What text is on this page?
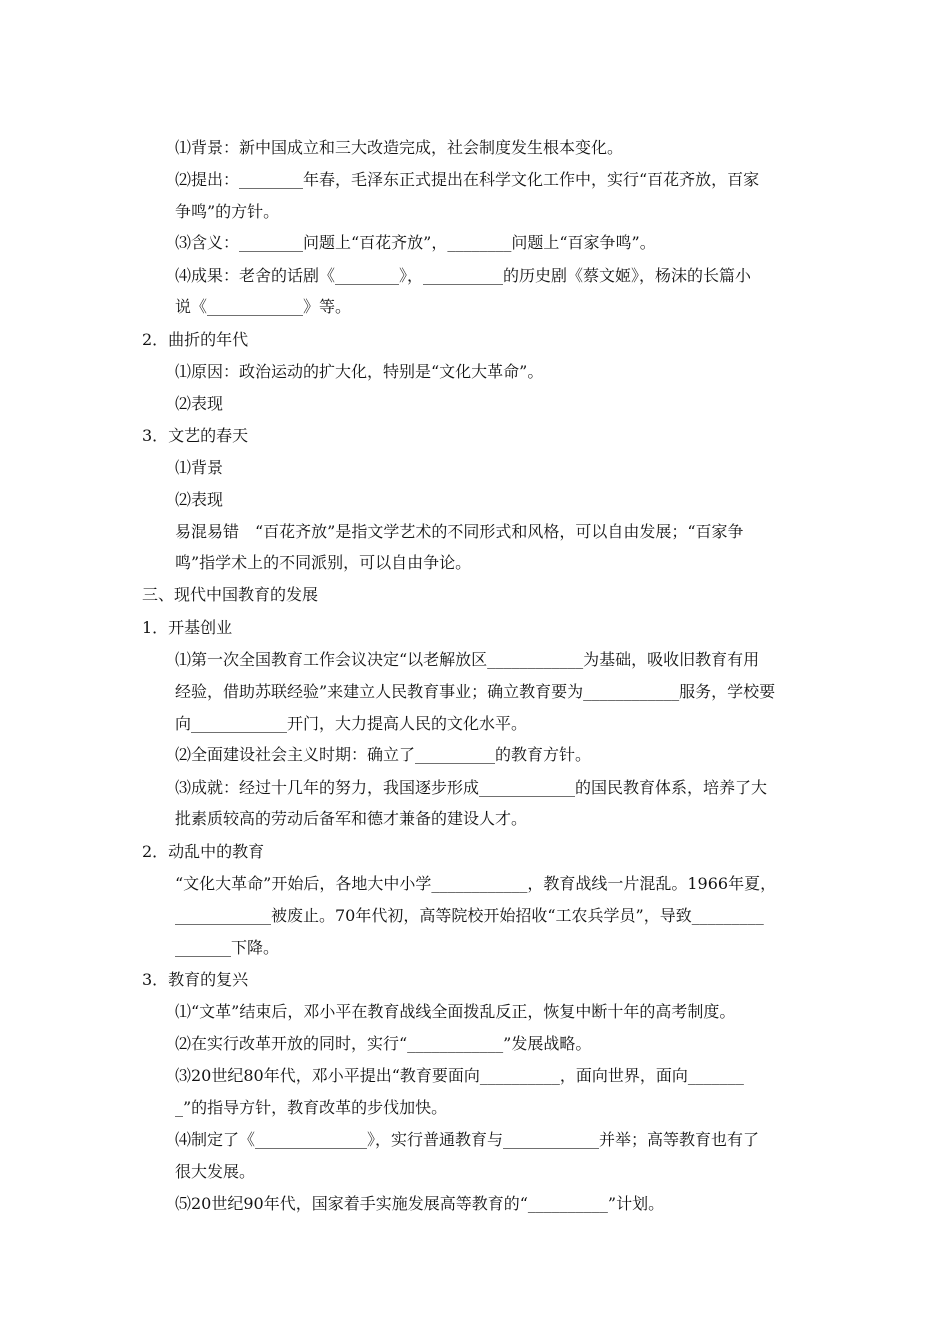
⑴背景：新中国成立和三大改造完成，社会制度发生根本变化。
⑵提出：________年春，毛泽东正式提出在科学文化工作中，实行“百花齐放，百家
争鸣”的方针。
⑶含义：________问题上“百花齐放”，________问题上“百家争鸣”。
⑷成果：老舍的话剧《________》，__________的历史剧《蔡文姬》，杨沫的长篇小
说《____________》等。
2．曲折的年代
⑴原因：政治运动的扩大化，特别是“文化大革命”。
⑵表现
3．文艺的春天
⑴背景
⑵表现
易混易错　“百花齐放”是指文学艺术的不同形式和风格，可以自由发展；“百家争
鸣”指学术上的不同派别，可以自由争论。
三、现代中国教育的发展
1．开基创业
⑴第一次全国教育工作会议决定“以老解放区____________为基础，吸收旧教育有用
经验，借助苏联经验”来建立人民教育事业；确立教育要为____________服务，学校要
向____________开门，大力提高人民的文化水平。
⑵全面建设社会主义时期：确立了__________的教育方针。
⑶成就：经过十几年的努力，我国逐步形成____________的国民教育体系，培养了大
批素质较高的劳动后备军和德才兼备的建设人才。
2．动乱中的教育
“文化大革命”开始后，各地大中小学____________，教育战线一片混乱。1966年夏，
____________被废止。70年代初，高等院校开始招收“工农兵学员”，导致_________
_______下降。
3．教育的复兴
⑴“文革”结束后，邓小平在教育战线全面拨乱反正，恢复中断十年的高考制度。
⑵在实行改革开放的同时，实行“____________”发展战略。
⑶20世纪80年代，邓小平提出“教育要面向__________，面向世界，面向_______
_”的指导方针，教育改革的步伐加快。
⑷制定了《______________》，实行普通教育与____________并举；高等教育也有了
很大发展。
⑸20世纪90年代，国家着手实施发展高等教育的“__________”计划。
